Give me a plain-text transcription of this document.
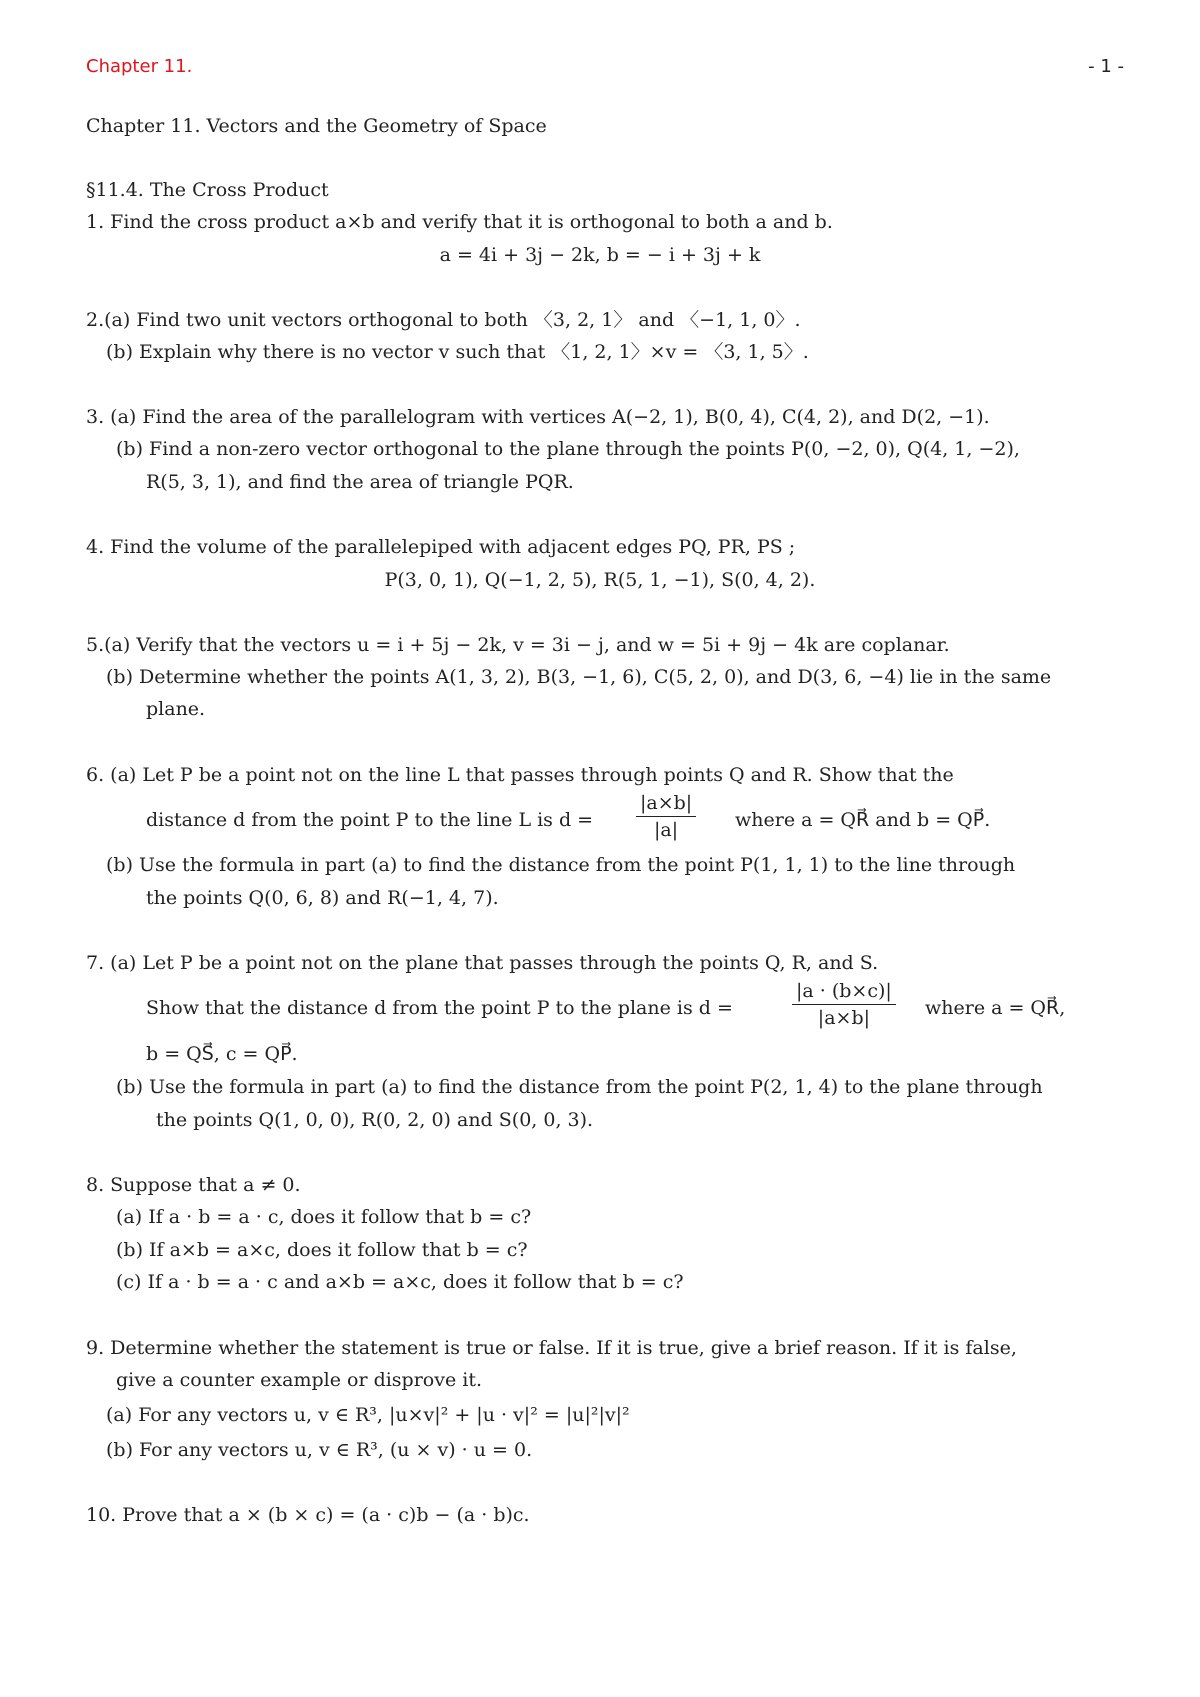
Chapter 11.	- 1 -
Chapter 11. Vectors and the Geometry of Space
§11.4. The Cross Product
1. Find the cross product a×b and verify that it is orthogonal to both a and b.
a = 4i + 3j − 2k, b = − i + 3j + k
2.(a) Find two unit vectors orthogonal to both 〈3, 2, 1〉 and 〈−1, 1, 0〉.
(b) Explain why there is no vector v such that 〈1, 2, 1〉×v = 〈3, 1, 5〉.
3. (a) Find the area of the parallelogram with vertices A(−2, 1), B(0, 4), C(4, 2), and D(2, −1).
(b) Find a non-zero vector orthogonal to the plane through the points P(0, −2, 0), Q(4, 1, −2),
R(5, 3, 1), and find the area of triangle PQR.
4. Find the volume of the parallelepiped with adjacent edges PQ, PR, PS ;
P(3, 0, 1), Q(−1, 2, 5), R(5, 1, −1), S(0, 4, 2).
5.(a) Verify that the vectors u = i + 5j − 2k, v = 3i − j, and w = 5i + 9j − 4k are coplanar.
(b) Determine whether the points A(1, 3, 2), B(3, −1, 6), C(5, 2, 0), and D(3, 6, −4) lie in the same
plane.
6. (a) Let P be a point not on the line L that passes through points Q and R. Show that the
distance d from the point P to the line L is $d = \frac{|a\times b|}{|a|}$ where a = QR⃗ and b = QP⃗.
(b) Use the formula in part (a) to find the distance from the point P(1, 1, 1) to the line through
the points Q(0, 6, 8) and R(−1, 4, 7).
7. (a) Let P be a point not on the plane that passes through the points Q, R, and S.
Show that the distance d from the point P to the plane is d =	$\frac{|a \cdot (b\times c)|}{|a\times b|}$ where a = QR⃗,
b = QS⃗, c = QP⃗.
(b) Use the formula in part (a) to find the distance from the point P(2, 1, 4) to the plane through
the points Q(1, 0, 0), R(0, 2, 0) and S(0, 0, 3).
8. Suppose that a ≠ 0.
(a) If a · b = a · c, does it follow that b = c?
(b) If a×b = a×c, does it follow that b = c?
(c) If a · b = a · c and a×b = a×c, does it follow that b = c?
9. Determine whether the statement is true or false. If it is true, give a brief reason. If it is false,
give a counter example or disprove it.
(a) For any vectors u, v ∈ R³, |u×v|² + |u · v|² = |u|²|v|²
(b) For any vectors u, v ∈ R³, (u × v) · u = 0.
10. Prove that a × (b × c) = (a · c)b − (a · b)c.
